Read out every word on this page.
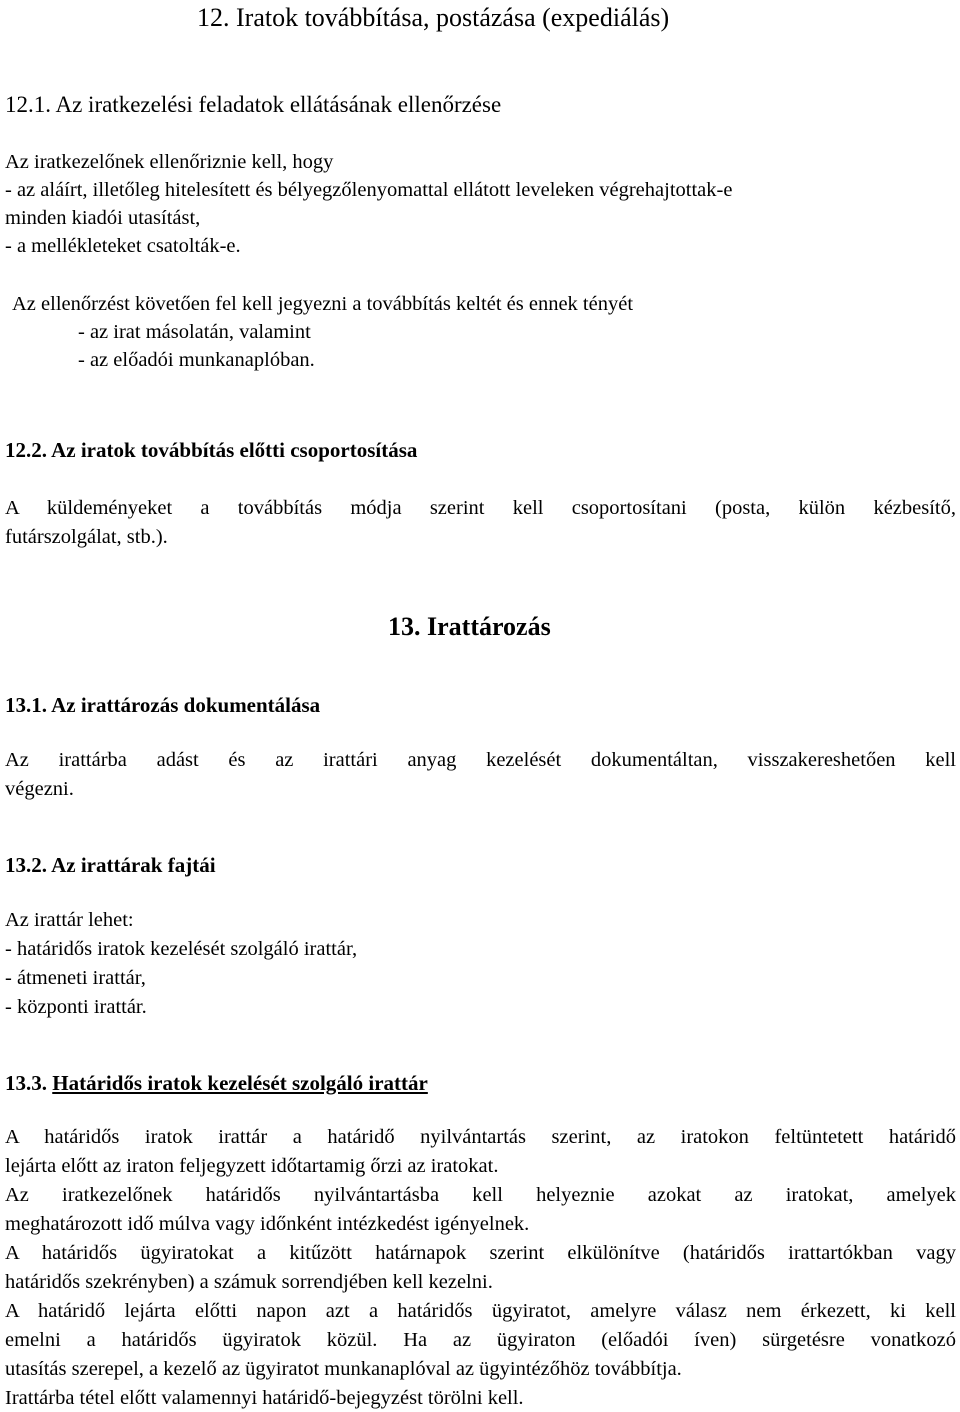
12. Iratok továbbítása, postázása (expediálás)
12.1. Az iratkezelési feladatok ellátásának ellenőrzése
Az iratkezelőnek ellenőriznie kell, hogy
- az aláírt, illetőleg hitelesített és bélyegzőlenyomattal ellátott leveleken végrehajtottak-e
minden kiadói utasítást,
- a mellékleteket csatolták-e.
Az ellenőrzést követően fel kell jegyezni a továbbítás keltét és ennek tényét
- az irat másolatán, valamint
- az előadói munkanaplóban.
12.2. Az iratok továbbítás előtti csoportosítása
A küldeményeket a továbbítás módja szerint kell csoportosítani (posta, külön kézbesítő,
futárszolgálat, stb.).
13. Irattározás
13.1. Az irattározás dokumentálása
Az irattárba adást és az irattári anyag kezelését dokumentáltan, visszakereshetően kell
végezni.
13.2. Az irattárak fajtái
Az irattár lehet:
- határidős iratok kezelését szolgáló irattár,
- átmeneti irattár,
- központi irattár.
13.3. Határidős iratok kezelését szolgáló irattár
A határidős iratok irattár a határidő nyilvántartás szerint, az iratokon feltüntetett határidő
lejárta előtt az iraton feljegyzett időtartamig őrzi az iratokat.
Az iratkezelőnek határidős nyilvántartásba kell helyeznie azokat az iratokat, amelyek
meghatározott idő múlva vagy időnként intézkedést igényelnek.
A határidős ügyiratokat a kitűzött határnapok szerint elkülönítve (határidős irattartókban vagy
határidős szekrényben) a számuk sorrendjében kell kezelni.
A határidő lejárta előtti napon azt a határidős ügyiratot, amelyre válasz nem érkezett, ki kell
emelni a határidős ügyiratok közül. Ha az ügyiraton (előadói íven) sürgetésre vonatkozó
utasítás szerepel, a kezelő az ügyiratot munkanaplóval az ügyintézőhöz továbbítja.
Irattárba tétel előtt valamennyi határidő-bejegyzést törölni kell.
